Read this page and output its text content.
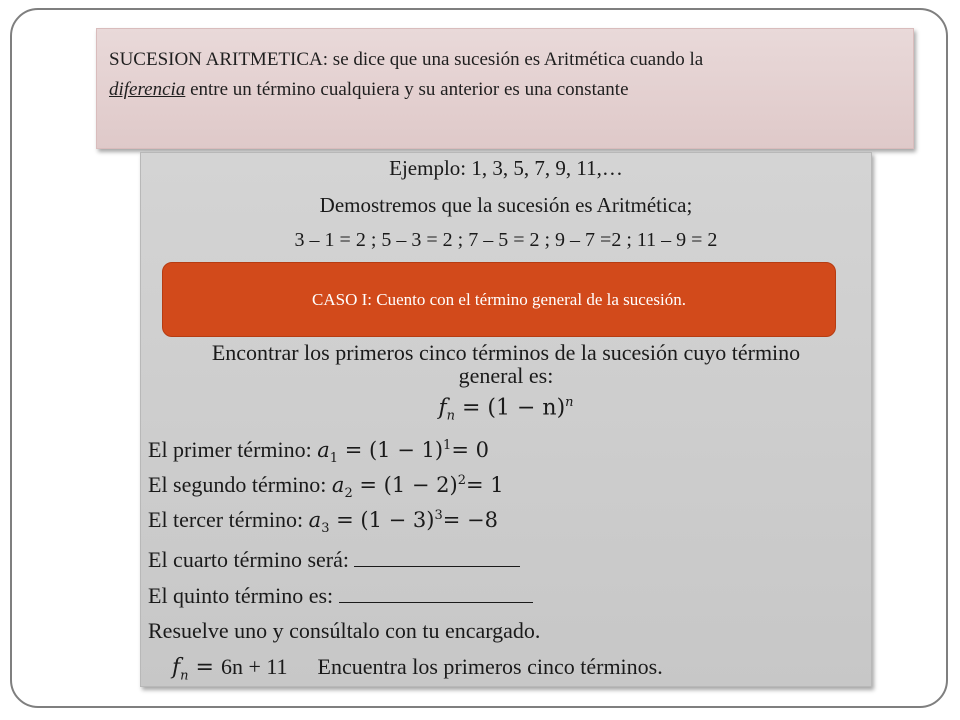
SUCESION ARITMETICA: se dice que una sucesión es Aritmética cuando la
diferencia entre un término cualquiera y su anterior es una constante
Ejemplo: 1, 3, 5, 7, 9, 11,…
Demostremos que la sucesión es Aritmética;
3 – 1 = 2 ; 5 – 3 = 2 ; 7 – 5 = 2 ; 9 – 7 =2 ; 11 – 9 = 2
CASO I: Cuento con el término general de la sucesión.
Encontrar los primeros cinco términos de la sucesión cuyo término
general es:
$f_n = (1 - n)^n$
El primer término: $a_1 = (1 - 1)^1= 0$
El segundo término: $a_2 = (1 - 2)^2= 1$
El tercer término: $a_3 = (1 - 3)^3= -8$
El cuarto término será:
El quinto término es:
Resuelve uno y consúltalo con tu encargado.
$f_n = 6n + 11$ Encuentra los primeros cinco términos.
